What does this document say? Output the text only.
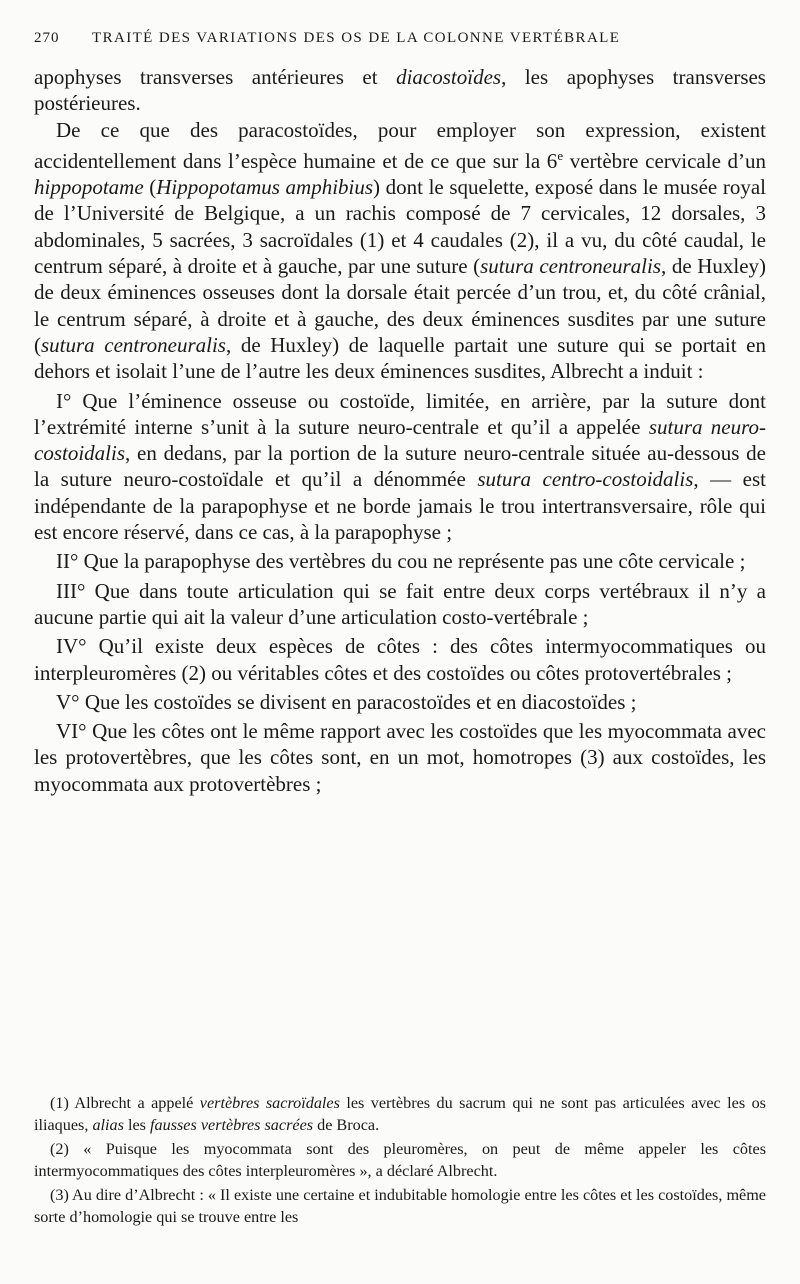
270 TRAITÉ DES VARIATIONS DES OS DE LA COLONNE VERTÉBRALE

apophyses transverses antérieures et diacostoïdes, les apophyses transverses postérieures.

De ce que des paracostoïdes, pour employer son expression, existent accidentellement dans l’espèce humaine et de ce que sur la 6e vertèbre cervicale d’un hippopotame (Hippopotamus amphibius) dont le squelette, exposé dans le musée royal de l’Université de Belgique, a un rachis composé de 7 cervicales, 12 dorsales, 3 abdominales, 5 sacrées, 3 sacroïdales (1) et 4 caudales (2), il a vu, du côté caudal, le centrum séparé, à droite et à gauche, par une suture (sutura centroneuralis, de Huxley) de deux éminences osseuses dont la dorsale était percée d’un trou, et, du côté crânial, le centrum séparé, à droite et à gauche, des deux éminences susdites par une suture (sutura centroneuralis, de Huxley) de laquelle partait une suture qui se portait en dehors et isolait l’une de l’autre les deux éminences susdites, Albrecht a induit :

I° Que l’éminence osseuse ou costoïde, limitée, en arrière, par la suture dont l’extrémité interne s’unit à la suture neuro-centrale et qu’il a appelée sutura neuro-costoidalis, en dedans, par la portion de la suture neuro-centrale située au-dessous de la suture neuro-costoïdale et qu’il a dénommée sutura centro-costoidalis, — est indépendante de la parapophyse et ne borde jamais le trou intertransversaire, rôle qui est encore réservé, dans ce cas, à la parapophyse ;

II° Que la parapophyse des vertèbres du cou ne représente pas une côte cervicale ;

III° Que dans toute articulation qui se fait entre deux corps vertébraux il n’y a aucune partie qui ait la valeur d’une articulation costo-vertébrale ;

IV° Qu’il existe deux espèces de côtes : des côtes intermyocommatiques ou interpleuromères (2) ou véritables côtes et des costoïdes ou côtes protovertébrales ;

V° Que les costoïdes se divisent en paracostoïdes et en diacostoïdes ;

VI° Que les côtes ont le même rapport avec les costoïdes que les myocommata avec les protovertèbres, que les côtes sont, en un mot, homotropes (3) aux costoïdes, les myocommata aux protovertèbres ;

(1) Albrecht a appelé vertèbres sacroïdales les vertèbres du sacrum qui ne sont pas articulées avec les os iliaques, alias les fausses vertèbres sacrées de Broca.

(2) « Puisque les myocommata sont des pleuromères, on peut de même appeler les côtes intermyocommatiques des côtes interpleuromères », a déclaré Albrecht.

(3) Au dire d’Albrecht : « Il existe une certaine et indubitable homologie entre les côtes et les costoïdes, même sorte d’homologie qui se trouve entre les
